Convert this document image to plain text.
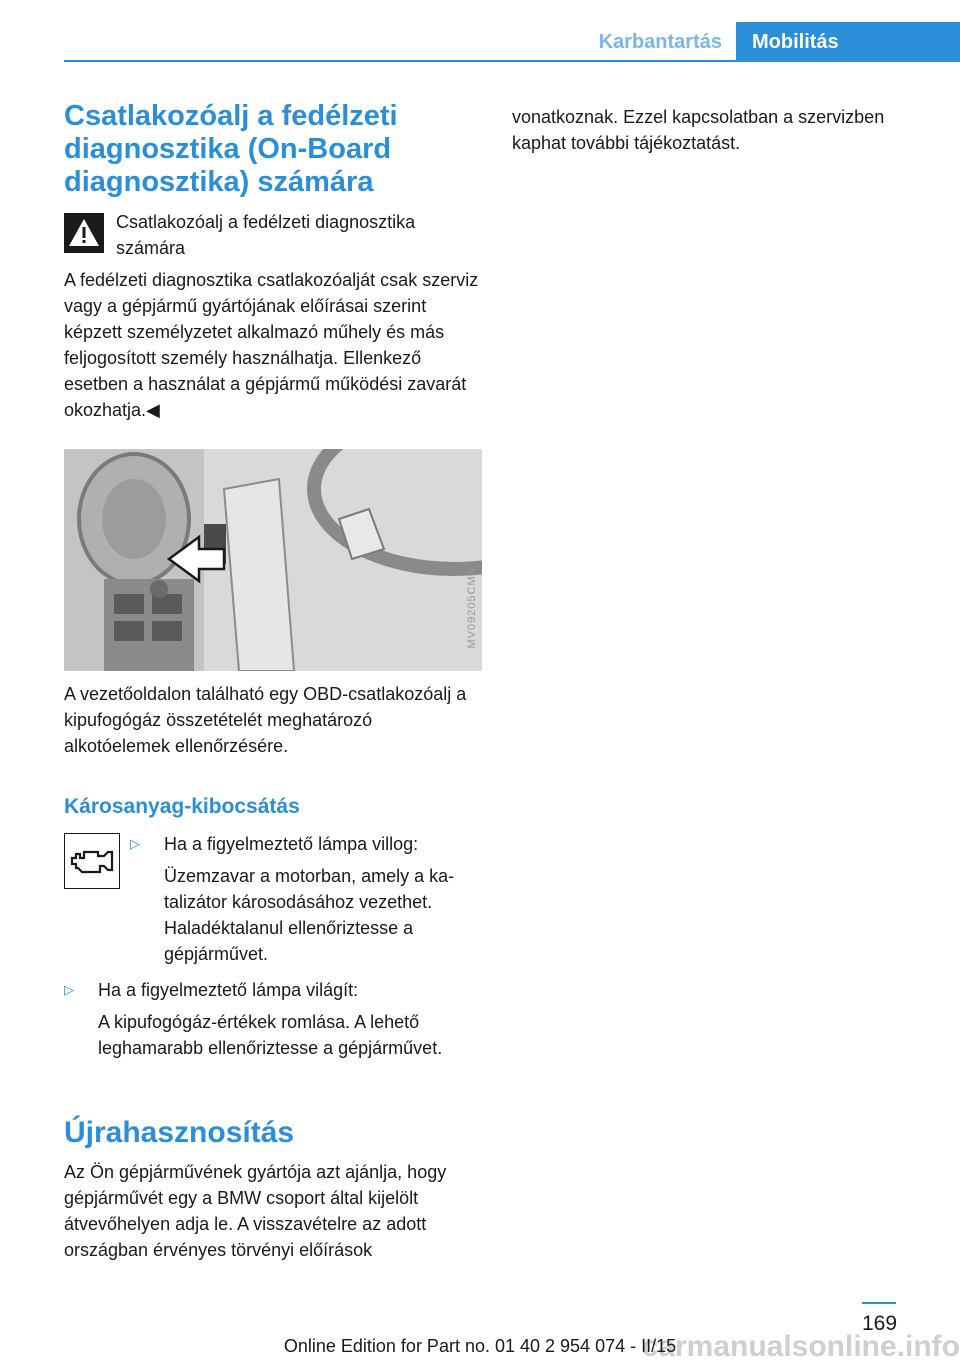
Karbantartás	Mobilitás
Csatlakozóalj a fedélzeti diagnosztika (On-Board diagnosztika) számára
Csatlakozóalj a fedélzeti diagnosztika számára

A fedélzeti diagnosztika csatlakozóalját csak szerviz vagy a gépjármű gyártójának előírásai szerint képzett személyzetet alkalmazó műhely és más feljogosított személy használhatja. Ellenkező esetben a használat a gépjármű működési zavarát okozhatja.◀

MV09205CMA

A vezetőoldalon található egy OBD-csatlakozóalj a kipufogógáz összetételét meghatározó alkotóelemek ellenőrzésére.

Károsanyag-kibocsátás
▷	Ha a figyelmeztető lámpa villog:

Üzemzavar a motorban, amely a katalizátor károsodásához vezethet. Haladéktalanul ellenőriztesse a gépjárművet.

▷	Ha a figyelmeztető lámpa világít:

A kipufogógáz-értékek romlása. A lehető leghamarabb ellenőriztesse a gépjárművet.

Újrahasznosítás

Az Ön gépjárművének gyártója azt ajánlja, hogy gépjárművét egy a BMW csoport által kijelölt átvevőhelyen adja le. A visszavételre az adott országban érvényes törvényi előírások

vonatkoznak. Ezzel kapcsolatban a szervizben kaphat további tájékoztatást.

169
carmanualsonline.info
Online Edition for Part no. 01 40 2 954 074 - II/15
